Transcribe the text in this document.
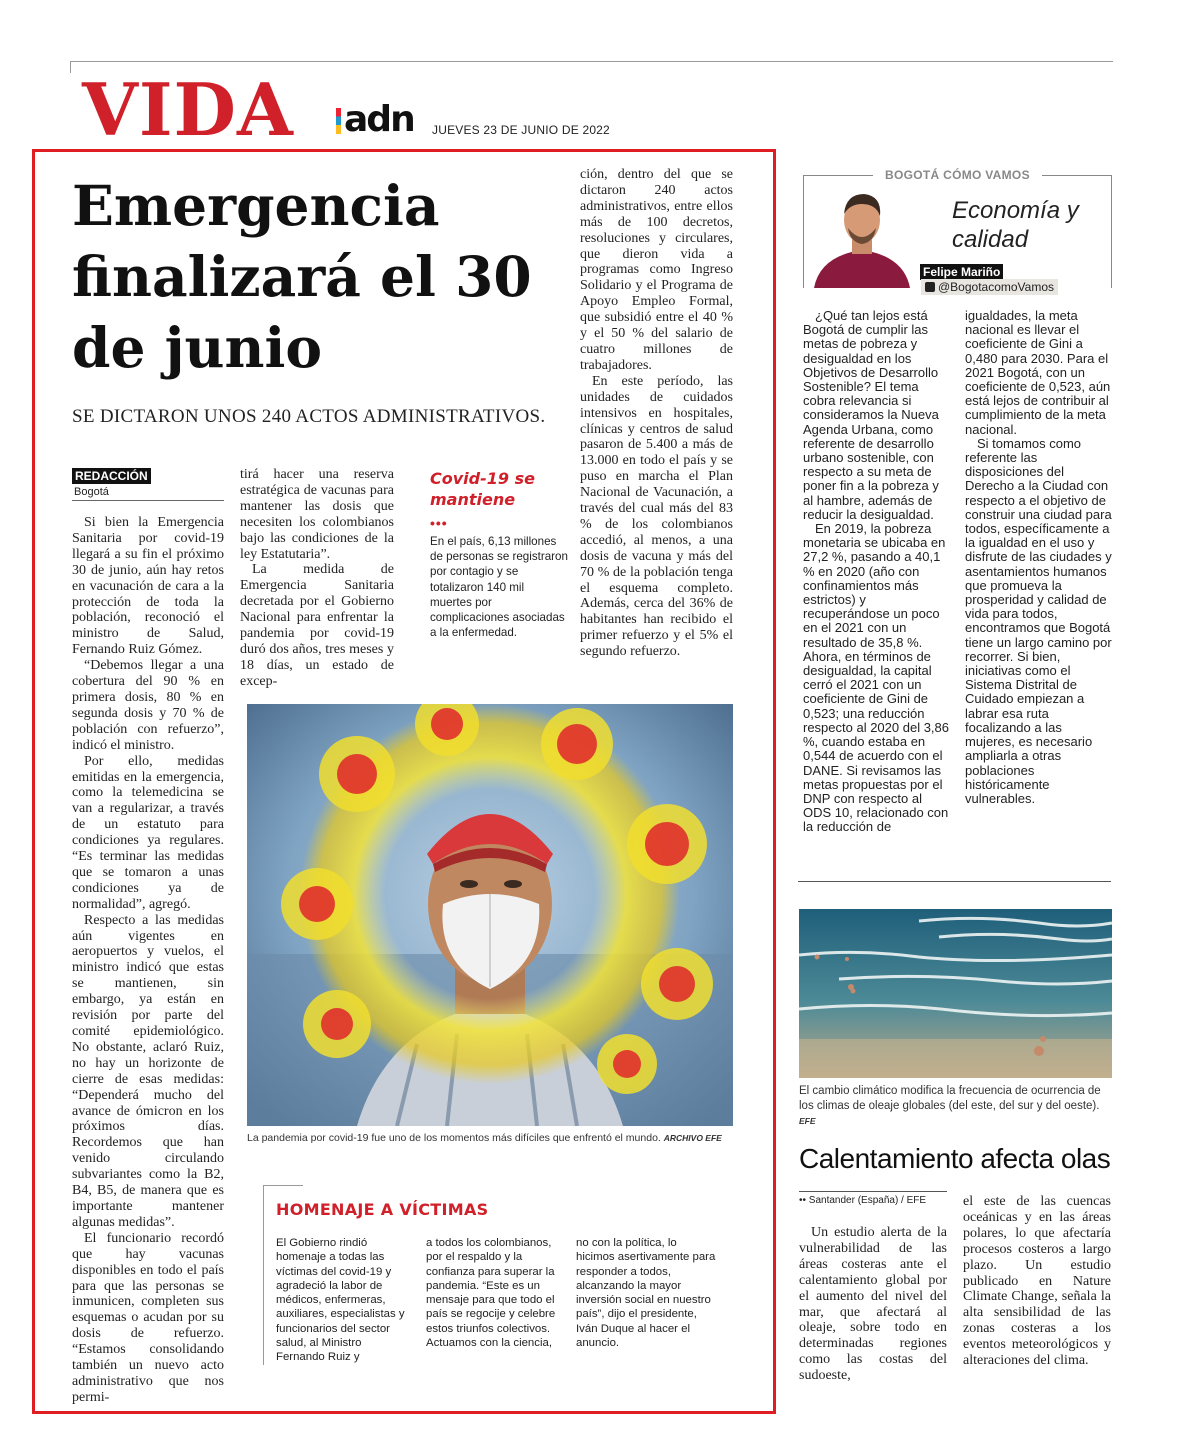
VIDA adn JUEVES 23 DE JUNIO DE 2022
Emergencia finalizará el 30 de junio
SE DICTARON UNOS 240 ACTOS ADMINISTRATIVOS.
REDACCIÓN
Bogotá

Si bien la Emergencia Sanitaria por covid-19 llegará a su fin el próximo 30 de junio, aún hay retos en vacunación de cara a la protección de toda la población, reconoció el ministro de Salud, Fernando Ruiz Gómez.

“Debemos llegar a una cobertura del 90 % en primera dosis, 80 % en segunda dosis y 70 % de población con refuerzo”, indicó el ministro.

Por ello, medidas emitidas en la emergencia, como la telemedicina se van a regularizar, a través de un estatuto para condiciones ya regulares. “Es terminar las medidas que se tomaron a unas condiciones ya de normalidad”, agregó.

Respecto a las medidas aún vigentes en aeropuertos y vuelos, el ministro indicó que estas se mantienen, sin embargo, ya están en revisión por parte del comité epidemiológico. No obstante, aclaró Ruiz, no hay un horizonte de cierre de esas medidas: “Dependerá mucho del avance de ómicron en los próximos días. Recordemos que han venido circulando subvariantes como la B2, B4, B5, de manera que es importante mantener algunas medidas”.

El funcionario recordó que hay vacunas disponibles en todo el país para que las personas se inmunicen, completen sus esquemas o acudan por su dosis de refuerzo. “Estamos consolidando también un nuevo acto administrativo que nos permi-

tirá hacer una reserva estratégica de vacunas para mantener las dosis que necesiten los colombianos bajo las condiciones de la ley Estatutaria”.

La medida de Emergencia Sanitaria decretada por el Gobierno Nacional para enfrentar la pandemia por covid-19 duró dos años, tres meses y 18 días, un estado de excep-

ción, dentro del que se dictaron 240 actos administrativos, entre ellos más de 100 decretos, resoluciones y circulares, que dieron vida a programas como Ingreso Solidario y el Programa de Apoyo Empleo Formal, que subsidió entre el 40 % y el 50 % del salario de cuatro millones de trabajadores.

En este período, las unidades de cuidados intensivos en hospitales, clínicas y centros de salud pasaron de 5.400 a más de 13.000 en todo el país y se puso en marcha el Plan Nacional de Vacunación, a través del cual más del 83 % de los colombianos accedió, al menos, a una dosis de vacuna y más del 70 % de la población tenga el esquema completo. Además, cerca del 36% de habitantes han recibido el primer refuerzo y el 5% el segundo refuerzo.

Covid-19 se mantiene
•••
En el país, 6,13 millones de personas se registraron por contagio y se totalizaron 140 mil muertes por complicaciones asociadas a la enfermedad.
La pandemia por covid-19 fue uno de los momentos más difíciles que enfrentó el mundo. ARCHIVO EFE
HOMENAJE A VÍCTIMAS
El Gobierno rindió homenaje a todas las víctimas del covid-19 y agradeció la labor de médicos, enfermeras, auxiliares, especialistas y funcionarios del sector salud, al Ministro Fernando Ruiz y
a todos los colombianos, por el respaldo y la confianza para superar la pandemia. “Este es un mensaje para que todo el país se regocije y celebre estos triunfos colectivos. Actuamos con la ciencia,
no con la política, lo hicimos asertivamente para responder a todos, alcanzando la mayor inversión social en nuestro país”, dijo el presidente, Iván Duque al hacer el anuncio.
BOGOTÁ CÓMO VAMOS
Economía y calidad
Felipe Mariño
@BogotacomoVamos

¿Qué tan lejos está Bogotá de cumplir las metas de pobreza y desigualdad en los Objetivos de Desarrollo Sostenible? El tema cobra relevancia si consideramos la Nueva Agenda Urbana, como referente de desarrollo urbano sostenible, con respecto a su meta de poner fin a la pobreza y al hambre, además de reducir la desigualdad.

En 2019, la pobreza monetaria se ubicaba en 27,2 %, pasando a 40,1 % en 2020 (año con confinamientos más estrictos) y recuperándose un poco en el 2021 con un resultado de 35,8 %. Ahora, en términos de desigualdad, la capital cerró el 2021 con un coeficiente de Gini de 0,523; una reducción respecto al 2020 del 3,86 %, cuando estaba en 0,544 de acuerdo con el DANE. Si revisamos las metas propuestas por el DNP con respecto al ODS 10, relacionado con la reducción de

igualdades, la meta nacional es llevar el coeficiente de Gini a 0,480 para 2030. Para el 2021 Bogotá, con un coeficiente de 0,523, aún está lejos de contribuir al cumplimiento de la meta nacional.

Si tomamos como referente las disposiciones del Derecho a la Ciudad con respecto a el objetivo de construir una ciudad para todos, específicamente a la igualdad en el uso y disfrute de las ciudades y asentamientos humanos que promueva la prosperidad y calidad de vida para todos, encontramos que Bogotá tiene un largo camino por recorrer. Si bien, iniciativas como el Sistema Distrital de Cuidado empiezan a labrar esa ruta focalizando a las mujeres, es necesario ampliarla a otras poblaciones históricamente vulnerables.

El cambio climático modifica la frecuencia de ocurrencia de los climas de oleaje globales (del este, del sur y del oeste). EFE
Calentamiento afecta olas
•• Santander (España) / EFE

Un estudio alerta de la vulnerabilidad de las áreas costeras ante el calentamiento global por el aumento del nivel del mar, que afectará al oleaje, sobre todo en determinadas regiones como las costas del sudoeste,

el este de las cuencas oceánicas y en las áreas polares, lo que afectaría procesos costeros a largo plazo. Un estudio publicado en Nature Climate Change, señala la alta sensibilidad de las zonas costeras a los eventos meteorológicos y alteraciones del clima.
